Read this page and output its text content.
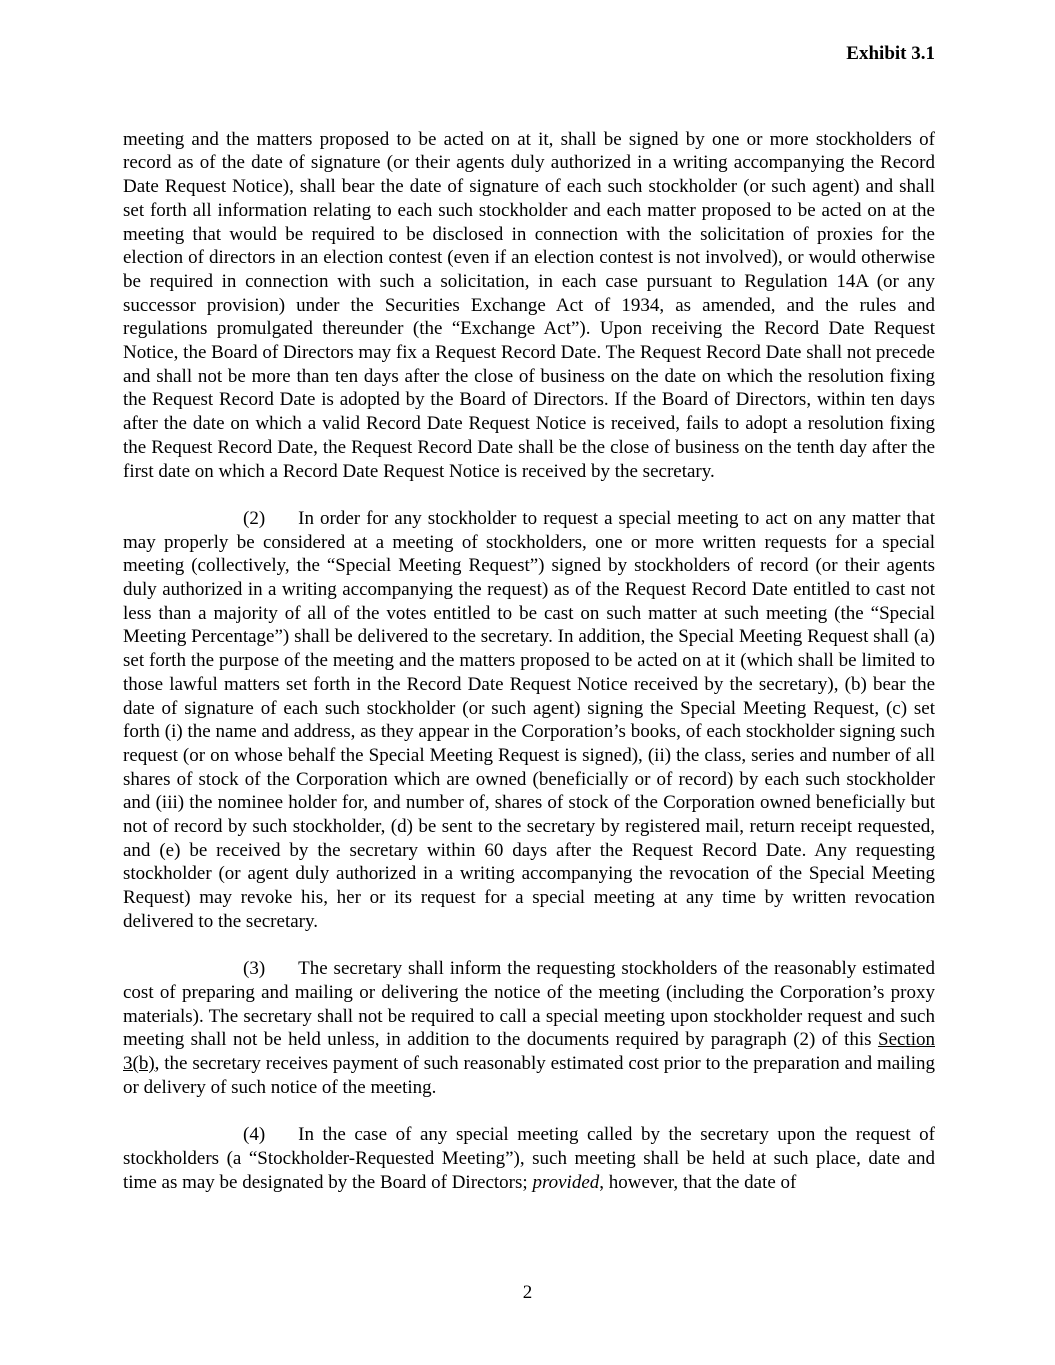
Exhibit 3.1

meeting and the matters proposed to be acted on at it, shall be signed by one or more stockholders of record as of the date of signature (or their agents duly authorized in a writing accompanying the Record Date Request Notice), shall bear the date of signature of each such stockholder (or such agent) and shall set forth all information relating to each such stockholder and each matter proposed to be acted on at the meeting that would be required to be disclosed in connection with the solicitation of proxies for the election of directors in an election contest (even if an election contest is not involved), or would otherwise be required in connection with such a solicitation, in each case pursuant to Regulation 14A (or any successor provision) under the Securities Exchange Act of 1934, as amended, and the rules and regulations promulgated thereunder (the “Exchange Act”). Upon receiving the Record Date Request Notice, the Board of Directors may fix a Request Record Date. The Request Record Date shall not precede and shall not be more than ten days after the close of business on the date on which the resolution fixing the Request Record Date is adopted by the Board of Directors. If the Board of Directors, within ten days after the date on which a valid Record Date Request Notice is received, fails to adopt a resolution fixing the Request Record Date, the Request Record Date shall be the close of business on the tenth day after the first date on which a Record Date Request Notice is received by the secretary.

(2) In order for any stockholder to request a special meeting to act on any matter that may properly be considered at a meeting of stockholders, one or more written requests for a special meeting (collectively, the “Special Meeting Request”) signed by stockholders of record (or their agents duly authorized in a writing accompanying the request) as of the Request Record Date entitled to cast not less than a majority of all of the votes entitled to be cast on such matter at such meeting (the “Special Meeting Percentage”) shall be delivered to the secretary. In addition, the Special Meeting Request shall (a) set forth the purpose of the meeting and the matters proposed to be acted on at it (which shall be limited to those lawful matters set forth in the Record Date Request Notice received by the secretary), (b) bear the date of signature of each such stockholder (or such agent) signing the Special Meeting Request, (c) set forth (i) the name and address, as they appear in the Corporation’s books, of each stockholder signing such request (or on whose behalf the Special Meeting Request is signed), (ii) the class, series and number of all shares of stock of the Corporation which are owned (beneficially or of record) by each such stockholder and (iii) the nominee holder for, and number of, shares of stock of the Corporation owned beneficially but not of record by such stockholder, (d) be sent to the secretary by registered mail, return receipt requested, and (e) be received by the secretary within 60 days after the Request Record Date. Any requesting stockholder (or agent duly authorized in a writing accompanying the revocation of the Special Meeting Request) may revoke his, her or its request for a special meeting at any time by written revocation delivered to the secretary.

(3) The secretary shall inform the requesting stockholders of the reasonably estimated cost of preparing and mailing or delivering the notice of the meeting (including the Corporation’s proxy materials). The secretary shall not be required to call a special meeting upon stockholder request and such meeting shall not be held unless, in addition to the documents required by paragraph (2) of this Section 3(b), the secretary receives payment of such reasonably estimated cost prior to the preparation and mailing or delivery of such notice of the meeting.

(4) In the case of any special meeting called by the secretary upon the request of stockholders (a “Stockholder-Requested Meeting”), such meeting shall be held at such place, date and time as may be designated by the Board of Directors; provided, however, that the date of

2
